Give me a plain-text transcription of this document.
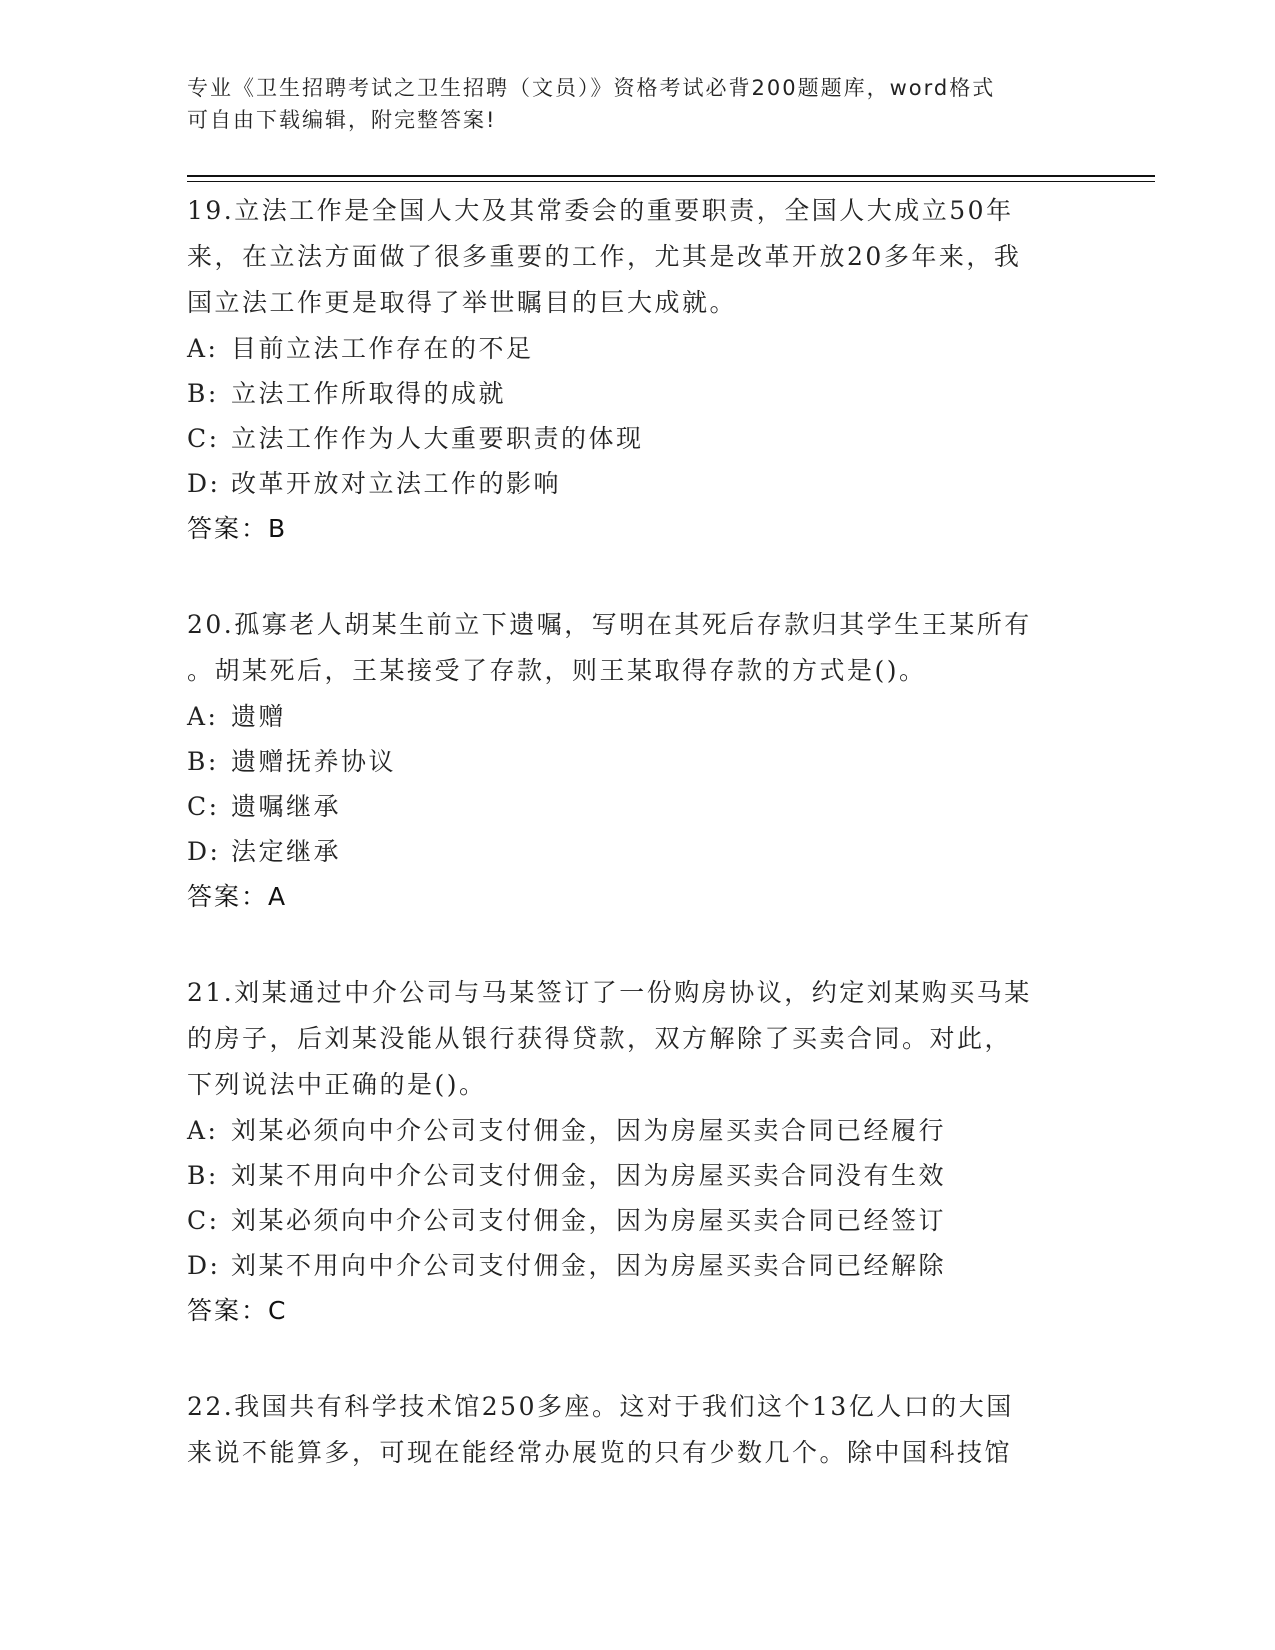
专业《卫生招聘考试之卫生招聘（文员）》资格考试必背200题题库，word格式
可自由下载编辑，附完整答案!

19.立法工作是全国人大及其常委会的重要职责，全国人大成立50年

来，在立法方面做了很多重要的工作，尤其是改革开放20多年来，我

国立法工作更是取得了举世瞩目的巨大成就。

A: 目前立法工作存在的不足

B: 立法工作所取得的成就

C: 立法工作作为人大重要职责的体现

D: 改革开放对立法工作的影响

答案：B

20.孤寡老人胡某生前立下遗嘱，写明在其死后存款归其学生王某所有

。胡某死后，王某接受了存款，则王某取得存款的方式是()。

A: 遗赠

B: 遗赠抚养协议

C: 遗嘱继承

D: 法定继承

答案：A

21.刘某通过中介公司与马某签订了一份购房协议，约定刘某购买马某

的房子，后刘某没能从银行获得贷款，双方解除了买卖合同。对此，

下列说法中正确的是()。

A: 刘某必须向中介公司支付佣金，因为房屋买卖合同已经履行

B: 刘某不用向中介公司支付佣金，因为房屋买卖合同没有生效

C: 刘某必须向中介公司支付佣金，因为房屋买卖合同已经签订

D: 刘某不用向中介公司支付佣金，因为房屋买卖合同已经解除

答案：C

22.我国共有科学技术馆250多座。这对于我们这个13亿人口的大国

来说不能算多，可现在能经常办展览的只有少数几个。除中国科技馆
